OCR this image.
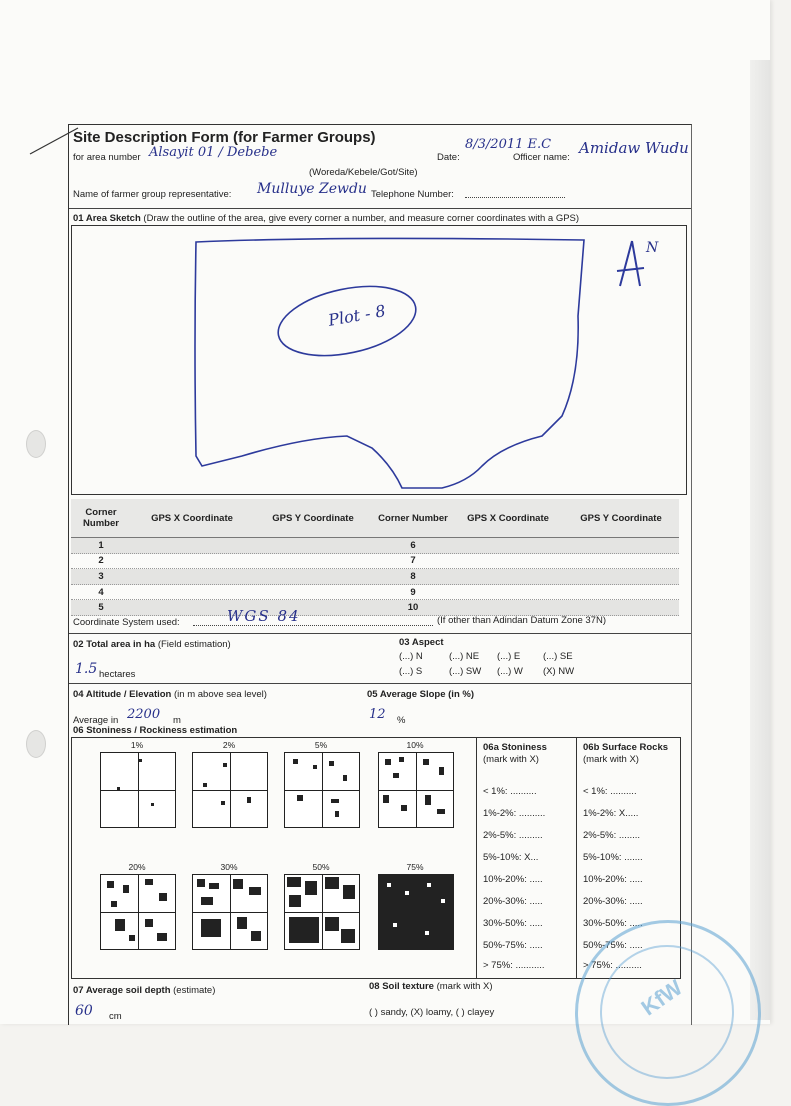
Site Description Form (for Farmer Groups)
for area number Alsayit 01 / Debebe
(Woreda/Kebele/Got/Site)
Date:
8/3/2011 E.C
Officer name:
Amidaw Wudu
Name of farmer group representative: Mulluye Zewdu Telephone Number:
01 Area Sketch (Draw the outline of the area, give every corner a number, and measure corner coordinates with a GPS)
Plot - 8
N
Corner Number	GPS X Coordinate	GPS Y Coordinate	Corner Number	GPS X Coordinate	GPS Y Coordinate
1	6
2	7
3	8
4	9
5	10
Coordinate System used:	WGS 84	(If other than Adindan Datum Zone 37N)
02 Total area in ha (Field estimation)
1.5 hectares
03 Aspect
(...) N	(...) NE (...) E (...) SE
(...) S	(...) SW (...) W (X) NW
04 Altitude / Elevation (in m above sea level)
Average in 2200 m
05 Average Slope (in %)
12 %
06 Stoniness / Rockiness estimation
1%	2%	5%	10%
20%	30%	50%	75%
06a Stoniness
(mark with X)
< 1%: ..........
1%-2%: ..........
2%-5%: .........
5%-10%: X...
10%-20%: .....
20%-30%: .....
30%-50%: .....
50%-75%: .....
> 75%: ...........
06b Surface Rocks
(mark with X)
< 1%: ..........
1%-2%: X.....
2%-5%: ........
5%-10%: .......
10%-20%: .....
20%-30%: .....
30%-50%: .....
50%-75%: .....
> 75%: ..........
07 Average soil depth (estimate)
60 cm
08 Soil texture (mark with X)
( ) sandy, (X) loamy, ( ) clayey	KfW
